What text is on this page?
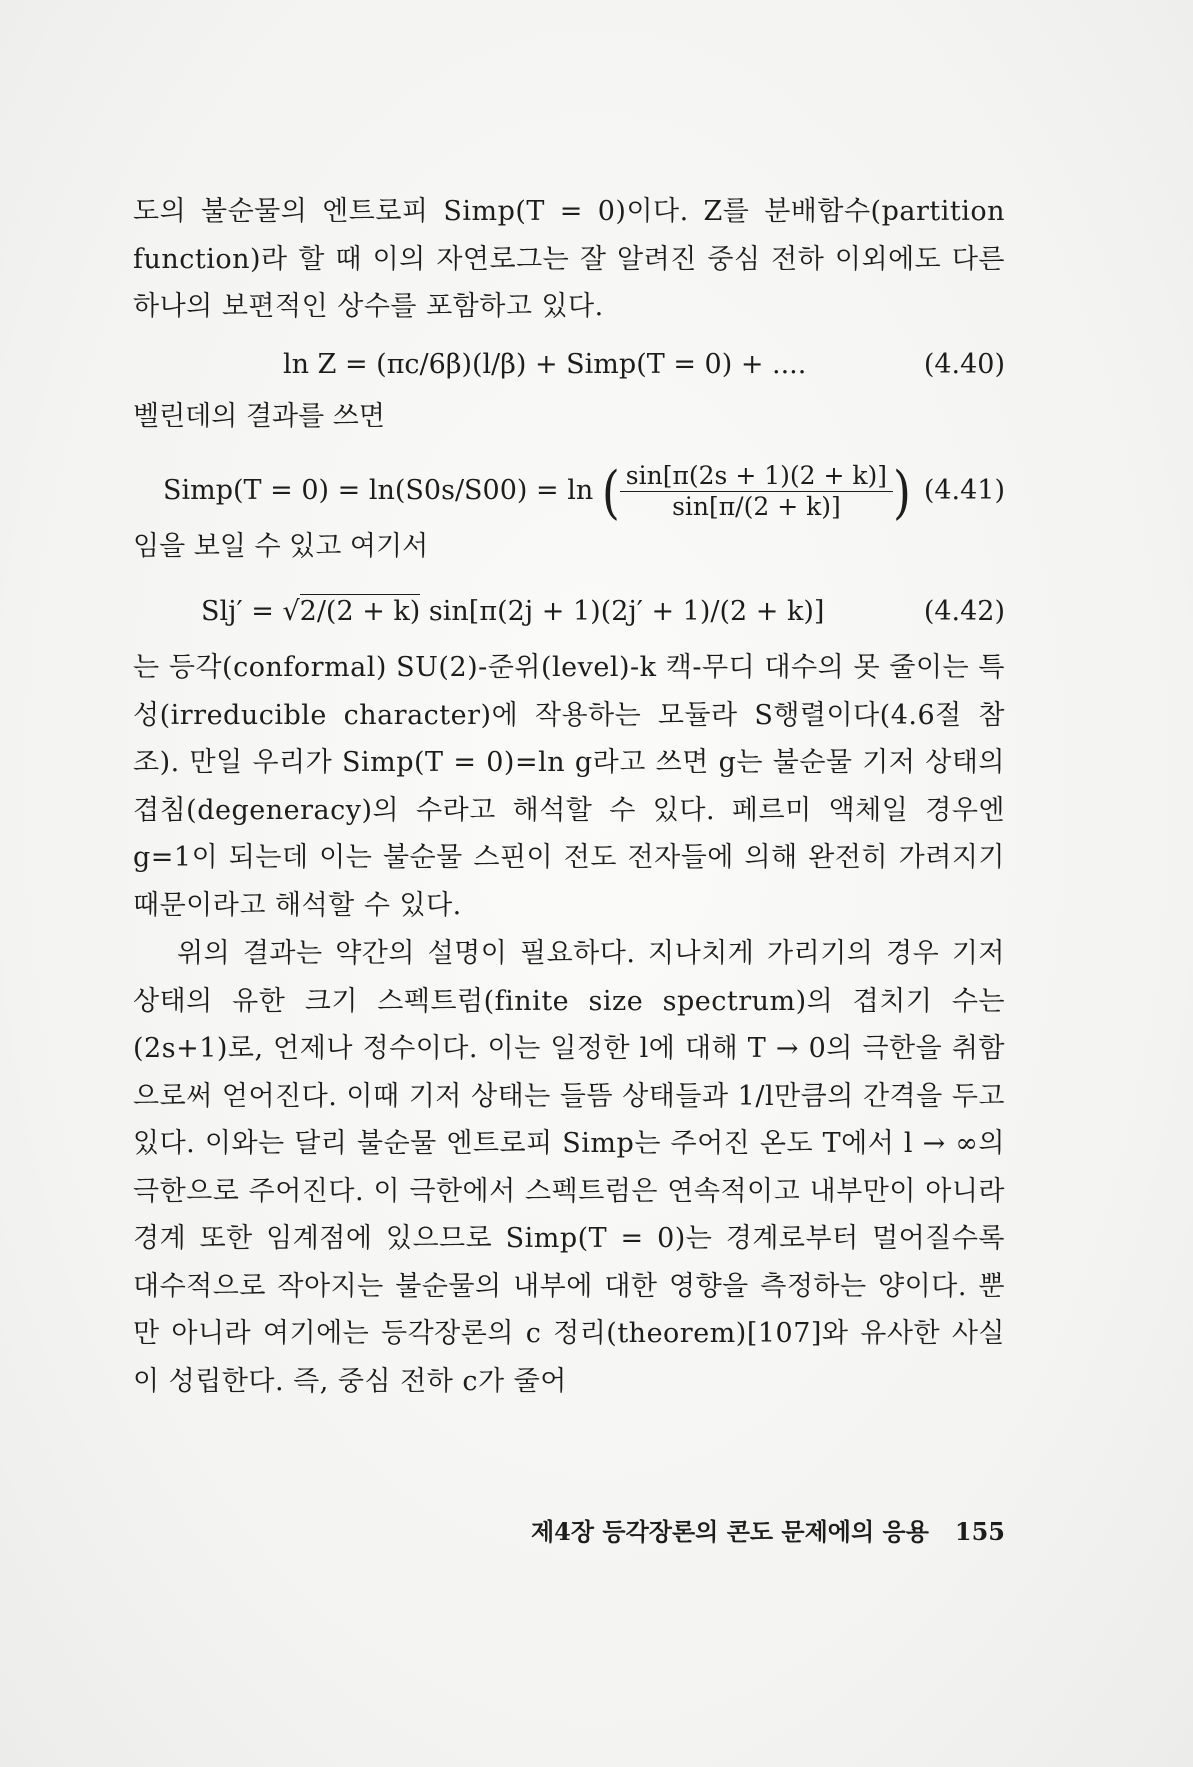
도의 불순물의 엔트로피 Simp(T = 0)이다. Z를 분배함수(partition function)라 할 때 이의 자연로그는 잘 알려진 중심 전하 이외에도 다른 하나의 보편적인 상수를 포함하고 있다.

ln Z = (πc/6β)(l/β) + Simp(T = 0) + ....	(4.40)
벨린데의 결과를 쓰면
Simp(T = 0) = ln(S0s/S00) = ln ( $\frac{\sin[\pi(2s + 1)(2 + k)]}{\sin[\pi/(2 + k)]}$ ) (4.41)
임을 보일 수 있고 여기서
Slj′ = √2/(2 + k) sin[π(2j + 1)(2j′ + 1)/(2 + k)]	(4.42)

는 등각(conformal) SU(2)-준위(level)-k 캑-무디 대수의 못 줄이는 특성(irreducible character)에 작용하는 모듈라 S행렬이다(4.6절 참조). 만일 우리가 Simp(T = 0)=ln g라고 쓰면 g는 불순물 기저 상태의 겹침(degeneracy)의 수라고 해석할 수 있다. 페르미 액체일 경우엔 g=1이 되는데 이는 불순물 스핀이 전도 전자들에 의해 완전히 가려지기 때문이라고 해석할 수 있다.

위의 결과는 약간의 설명이 필요하다. 지나치게 가리기의 경우 기저 상태의 유한 크기 스펙트럼(finite size spectrum)의 겹치기 수는 (2s+1)로, 언제나 정수이다. 이는 일정한 l에 대해 T → 0의 극한을 취함으로써 얻어진다. 이때 기저 상태는 들뜸 상태들과 1/l만큼의 간격을 두고 있다. 이와는 달리 불순물 엔트로피 Simp는 주어진 온도 T에서 l → ∞의 극한으로 주어진다. 이 극한에서 스펙트럼은 연속적이고 내부만이 아니라 경계 또한 임계점에 있으므로 Simp(T = 0)는 경계로부터 멀어질수록 대수적으로 작아지는 불순물의 내부에 대한 영향을 측정하는 양이다. 뿐만 아니라 여기에는 등각장론의 c 정리(theorem)[107]와 유사한 사실이 성립한다. 즉, 중심 전하 c가 줄어

제4장 등각장론의 콘도 문제에의 응용 155
